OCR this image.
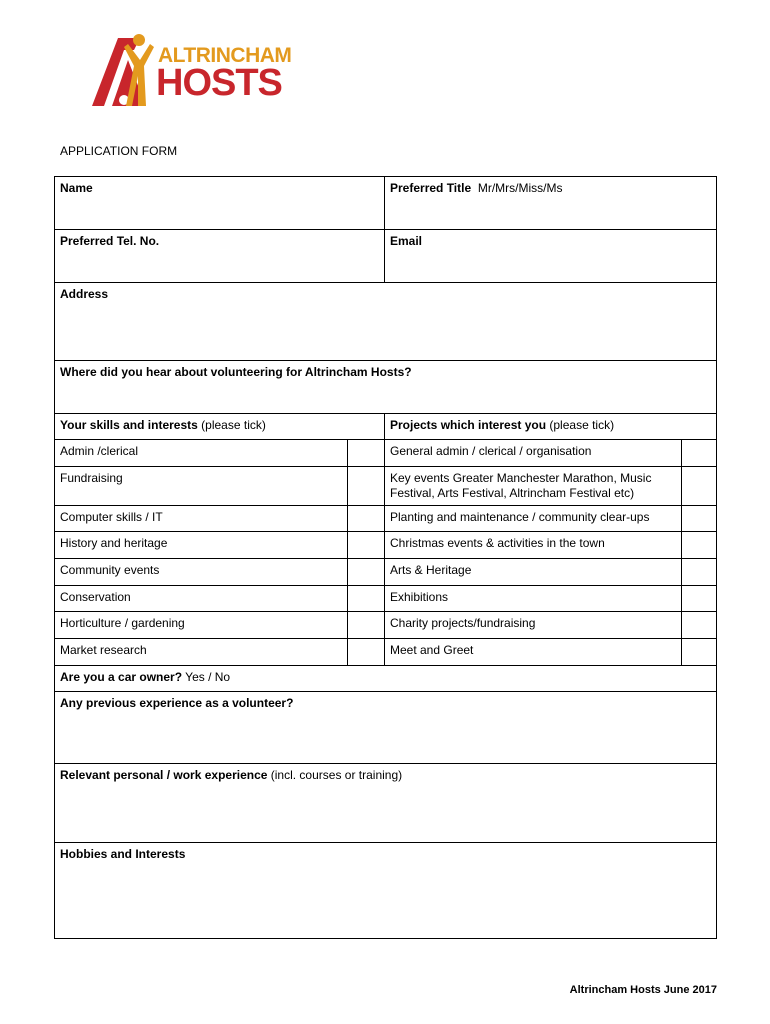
ALTRINCHAM
HOSTS
APPLICATION FORM
Name		Preferred Title Mr/Mrs/Miss/Ms	
Preferred Tel. No.		Email	
Address			
Where did you hear about volunteering for Altrincham Hosts?			
Your skills and interests (please tick)		Projects which interest you (please tick)	
Admin /clerical		General admin / clerical / organisation	
Fundraising		Key events Greater Manchester Marathon, Music Festival, Arts Festival, Altrincham Festival etc)	
Computer skills / IT		Planting and maintenance / community clear-ups	
History and heritage		Christmas events & activities in the town	
Community events		Arts & Heritage	
Conservation		Exhibitions	
Horticulture / gardening		Charity projects/fundraising	
Market research		Meet and Greet	
Are you a car owner? Yes / No			
Any previous experience as a volunteer?			
Relevant personal / work experience (incl. courses or training)			
Hobbies and Interests			
Altrincham Hosts June 2017
